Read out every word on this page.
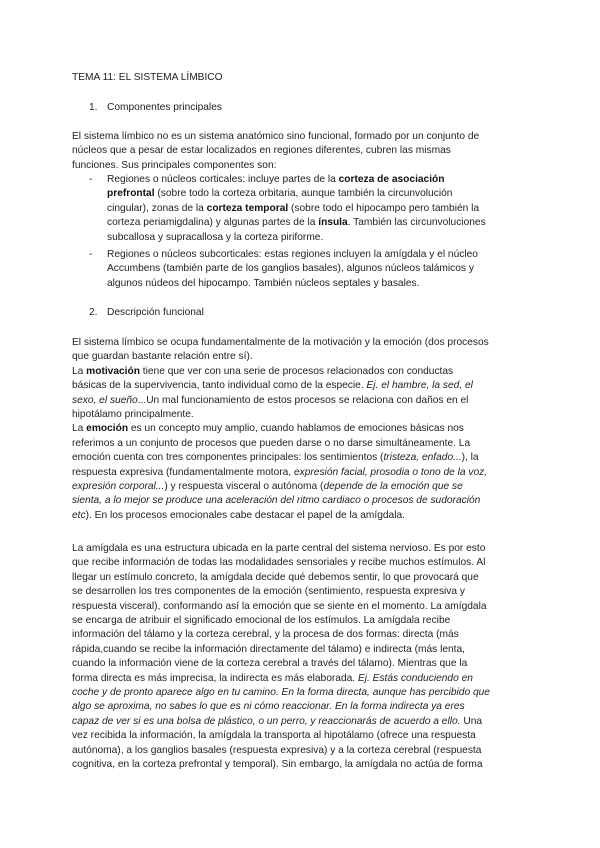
TEMA 11: EL SISTEMA LÍMBICO
1. Componentes principales
El sistema límbico no es un sistema anatómico sino funcional, formado por un conjunto de
núcleos que a pesar de estar localizados en regiones diferentes, cubren las mismas
funciones. Sus principales componentes son:
- Regiones o núcleos corticales: incluye partes de la corteza de asociación
prefrontal (sobre todo la corteza orbitaria, aunque también la circunvolución
cingular), zonas de la corteza temporal (sobre todo el hipocampo pero también la
corteza periamigdalina) y algunas partes de la ínsula. También las circunvoluciones
subcallosa y supracallosa y la corteza piriforme.
- Regiones o núcleos subcorticales: estas regiones incluyen la amígdala y el núcleo
Accumbens (también parte de los ganglios basales), algunos núcleos talámicos y
algunos núdeos del hipocampo. También núcleos septales y basales.
2. Descripción funcional
El sistema límbico se ocupa fundamentalmente de la motivación y la emoción (dos procesos
que guardan bastante relación entre sí).
La motivación tiene que ver con una serie de procesos relacionados con conductas
básicas de la supervivencia, tanto individual como de la especie. Ej. el hambre, la sed, el
sexo, el sueño...Un mal funcionamiento de estos procesos se relaciona con daños en el
hipotálamo principalmente.
La emoción es un concepto muy amplio, cuando hablamos de emociones básicas nos
referimos a un conjunto de procesos que pueden darse o no darse simultáneamente. La
emoción cuenta con tres componentes principales: los sentimientos (tristeza, enfado...), la
respuesta expresiva (fundamentalmente motora, expresión facial, prosodia o tono de la voz,
expresión corporal...) y respuesta visceral o autónoma (depende de la emoción que se
sienta, a lo mejor se produce una aceleración del ritmo cardiaco o procesos de sudoración
etc). En los procesos emocionales cabe destacar el papel de la amígdala.
La amígdala es una estructura ubicada en la parte central del sistema nervioso. Es por esto
que recibe información de todas las modalidades sensoriales y recibe muchos estímulos. Al
llegar un estímulo concreto, la amígdala decide qué debemos sentir, lo que provocará que
se desarrollen los tres componentes de la emoción (sentimiento, respuesta expresiva y
respuesta visceral), conformando así la emoción que se siente en el momento. La amígdala
se encarga de atribuir el significado emocional de los estímulos. La amígdala recibe
información del tálamo y la corteza cerebral, y la procesa de dos formas: directa (más
rápida,cuando se recibe la información directamente del tálamo) e indirecta (más lenta,
cuando la información viene de la corteza cerebral a través del tálamo). Mientras que la
forma directa es más imprecisa, la indirecta es más elaborada. Ej. Estás conduciendo en
coche y de pronto aparece algo en tu camino. En la forma directa, aunque has percibido que
algo se aproxima, no sabes lo que es ni cómo reaccionar. En la forma indirecta ya eres
capaz de ver si es una bolsa de plástico, o un perro, y reaccionarás de acuerdo a ello. Una
vez recibida la información, la amígdala la transporta al hipotálamo (ofrece una respuesta
autónoma), a los ganglios basales (respuesta expresiva) y a la corteza cerebral (respuesta
cognitiva, en la corteza prefrontal y temporal). Sin embargo, la amígdala no actúa de forma
